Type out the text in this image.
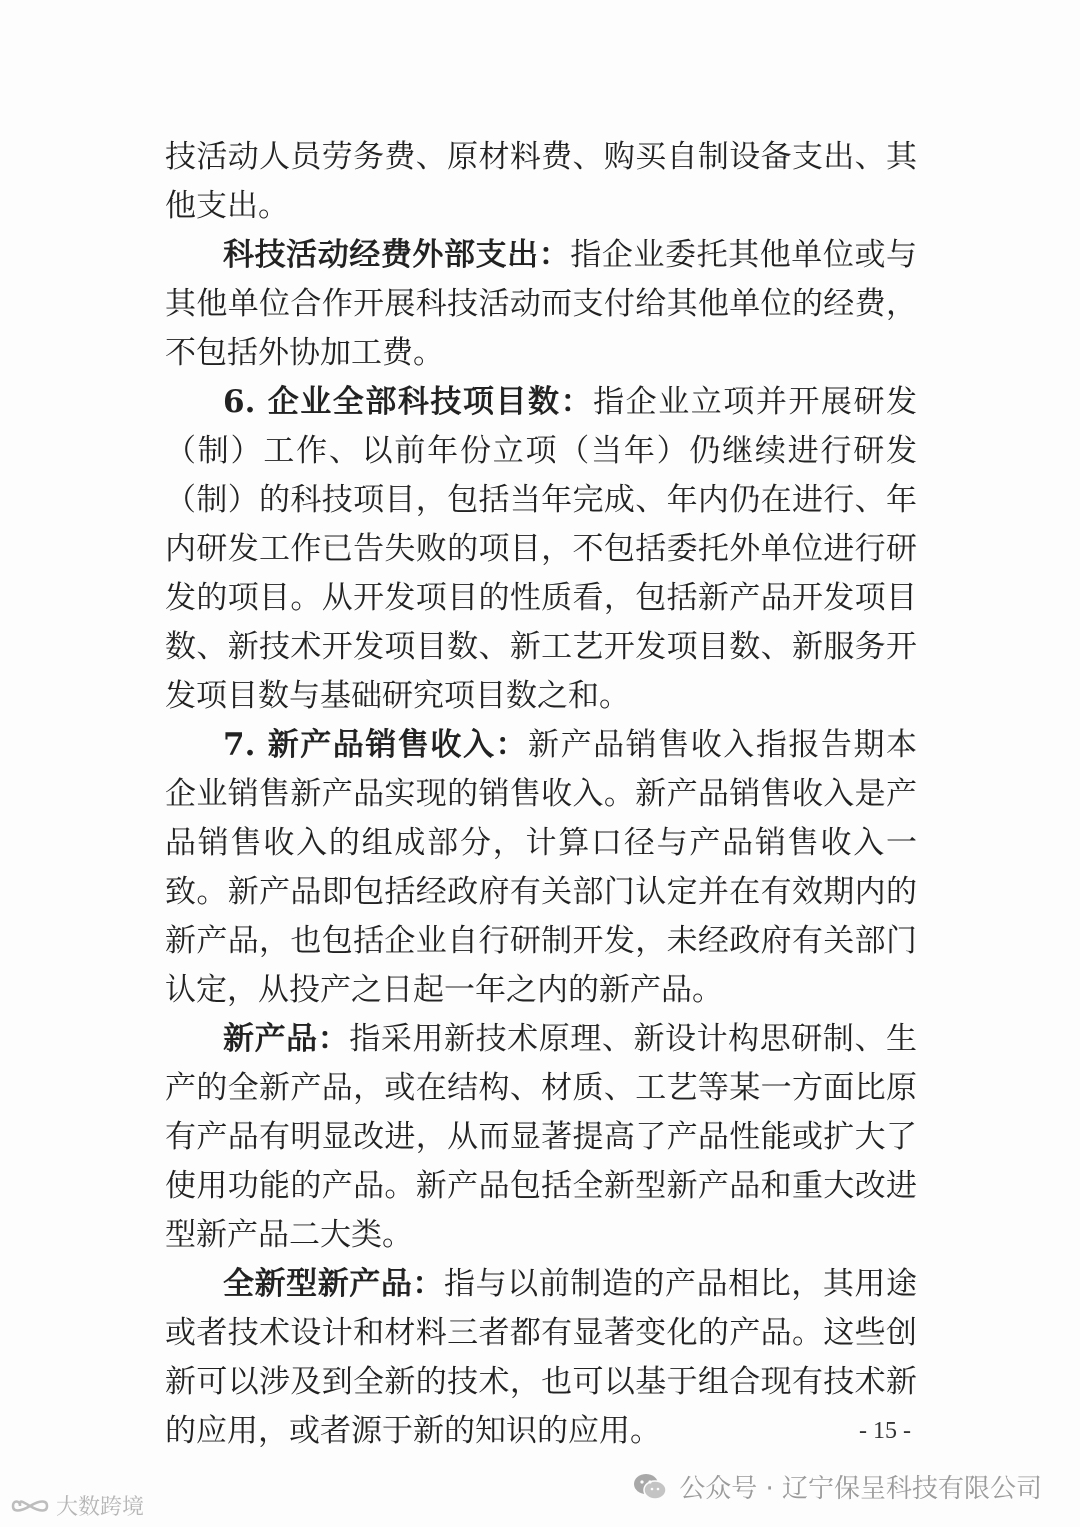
技活动人员劳务费、原材料费、购买自制设备支出、其他支出。

科技活动经费外部支出：指企业委托其他单位或与其他单位合作开展科技活动而支付给其他单位的经费，不包括外协加工费。

6. 企业全部科技项目数：指企业立项并开展研发（制）工作、以前年份立项（当年）仍继续进行研发（制）的科技项目，包括当年完成、年内仍在进行、年内研发工作已告失败的项目，不包括委托外单位进行研发的项目。从开发项目的性质看，包括新产品开发项目数、新技术开发项目数、新工艺开发项目数、新服务开发项目数与基础研究项目数之和。

7. 新产品销售收入：新产品销售收入指报告期本企业销售新产品实现的销售收入。新产品销售收入是产品销售收入的组成部分，计算口径与产品销售收入一致。新产品即包括经政府有关部门认定并在有效期内的新产品，也包括企业自行研制开发，未经政府有关部门认定，从投产之日起一年之内的新产品。

新产品：指采用新技术原理、新设计构思研制、生产的全新产品，或在结构、材质、工艺等某一方面比原有产品有明显改进，从而显著提高了产品性能或扩大了使用功能的产品。新产品包括全新型新产品和重大改进型新产品二大类。

全新型新产品：指与以前制造的产品相比，其用途或者技术设计和材料三者都有显著变化的产品。这些创新可以涉及到全新的技术，也可以基于组合现有技术新的应用，或者源于新的知识的应用。	- 15 -
公众号 · 辽宁保呈科技有限公司
大数跨境
